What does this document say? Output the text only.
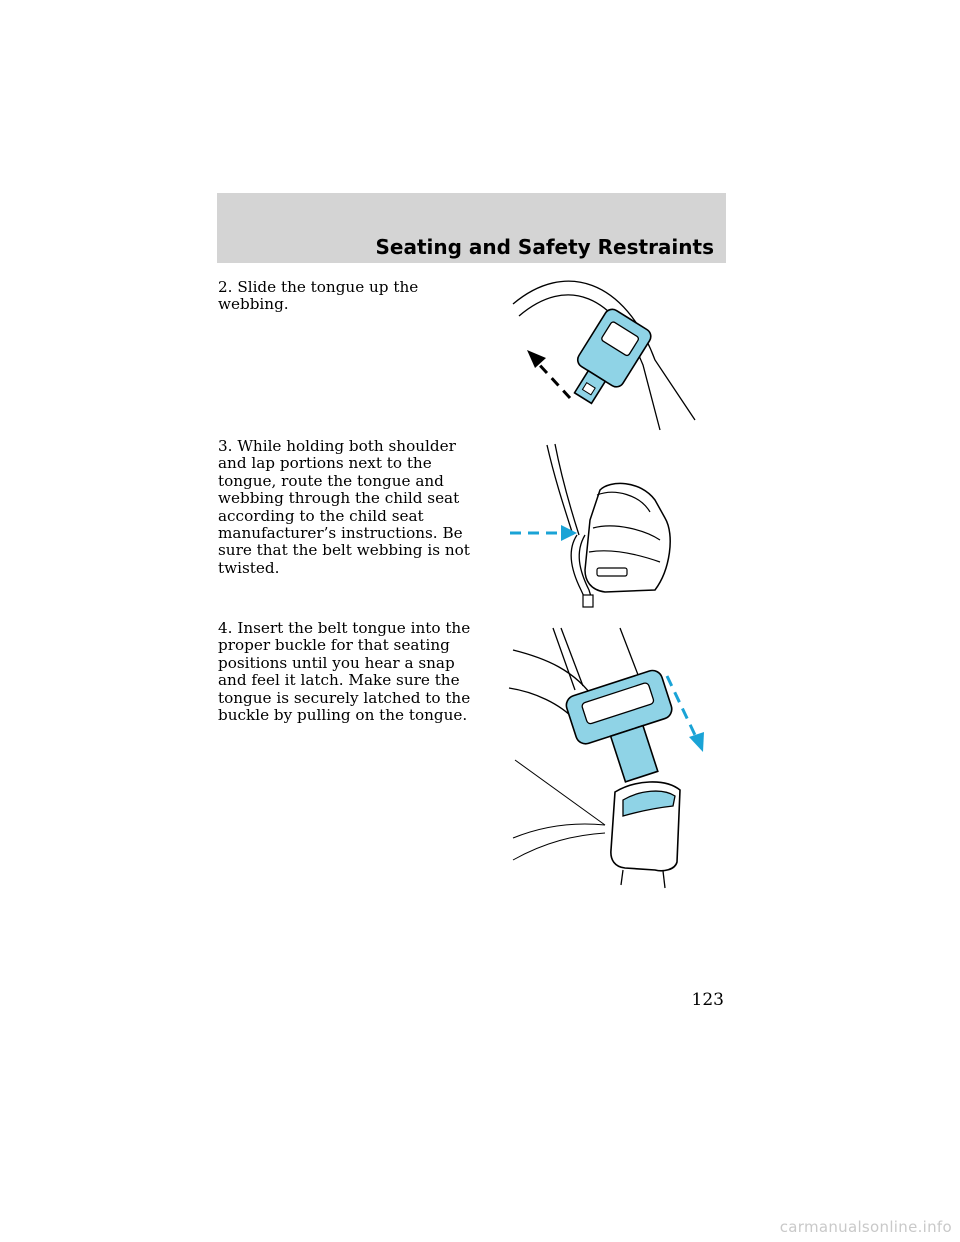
Seating and Safety Restraints

2. Slide the tongue up the webbing.

3. While holding both shoulder and lap portions next to the tongue, route the tongue and webbing through the child seat according to the child seat manufacturer’s instructions. Be sure that the belt webbing is not twisted.

4. Insert the belt tongue into the proper buckle for that seating positions until you hear a snap and feel it latch. Make sure the tongue is securely latched to the buckle by pulling on the tongue.

123
carmanualsonline.info
